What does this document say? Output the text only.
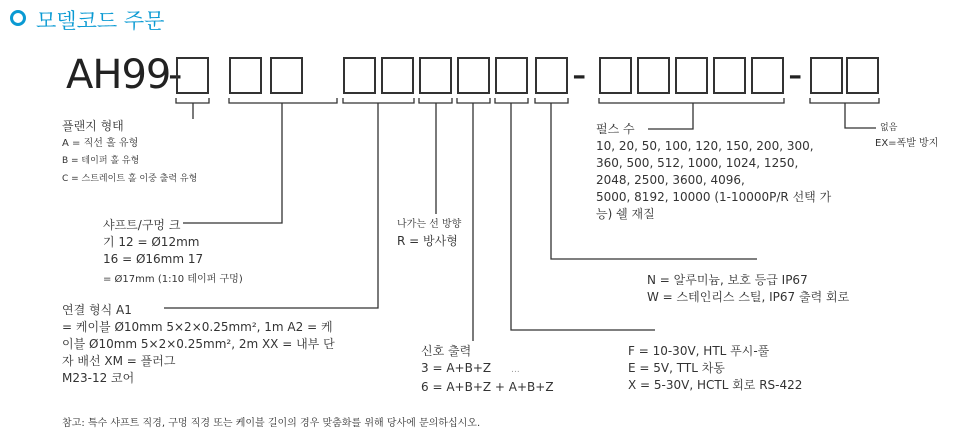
모델코드 주문
AH99
-	-	-
플랜지 형태
A = 직선 홀 유형
B = 테이퍼 홀 유형
C = 스트레이트 홀 이중 출력 유형
샤프트/구멍 크
기 12 = Ø12mm
16 = Ø16mm 17
= Ø17mm (1:10 테이퍼 구멍)
연결 형식 A1
= 케이블 Ø10mm 5×2×0.25mm², 1m A2 = 케
이블 Ø10mm 5×2×0.25mm², 2m XX = 내부 단
자 배선 XM = 플러그
M23-12 코어
나가는 선 방향
R = 방사형
신호 출력
3 = A+B+Z ...
6 = A+B+Z + A+B+Z
F = 10-30V, HTL 푸시-풀
E = 5V, TTL 차동
X = 5-30V, HCTL 회로 RS-422
N = 알루미늄, 보호 등급 IP67
W = 스테인리스 스틸, IP67 출력 회로
펄스 수
10, 20, 50, 100, 120, 150, 200, 300,
360, 500, 512, 1000, 1024, 1250,
2048, 2500, 3600, 4096,
5000, 8192, 10000 (1-10000P/R 선택 가
능) 쉘 재질
없음
EX=폭발 방지
참고: 특수 샤프트 직경, 구멍 직경 또는 케이블 길이의 경우 맞춤화를 위해 당사에 문의하십시오.
